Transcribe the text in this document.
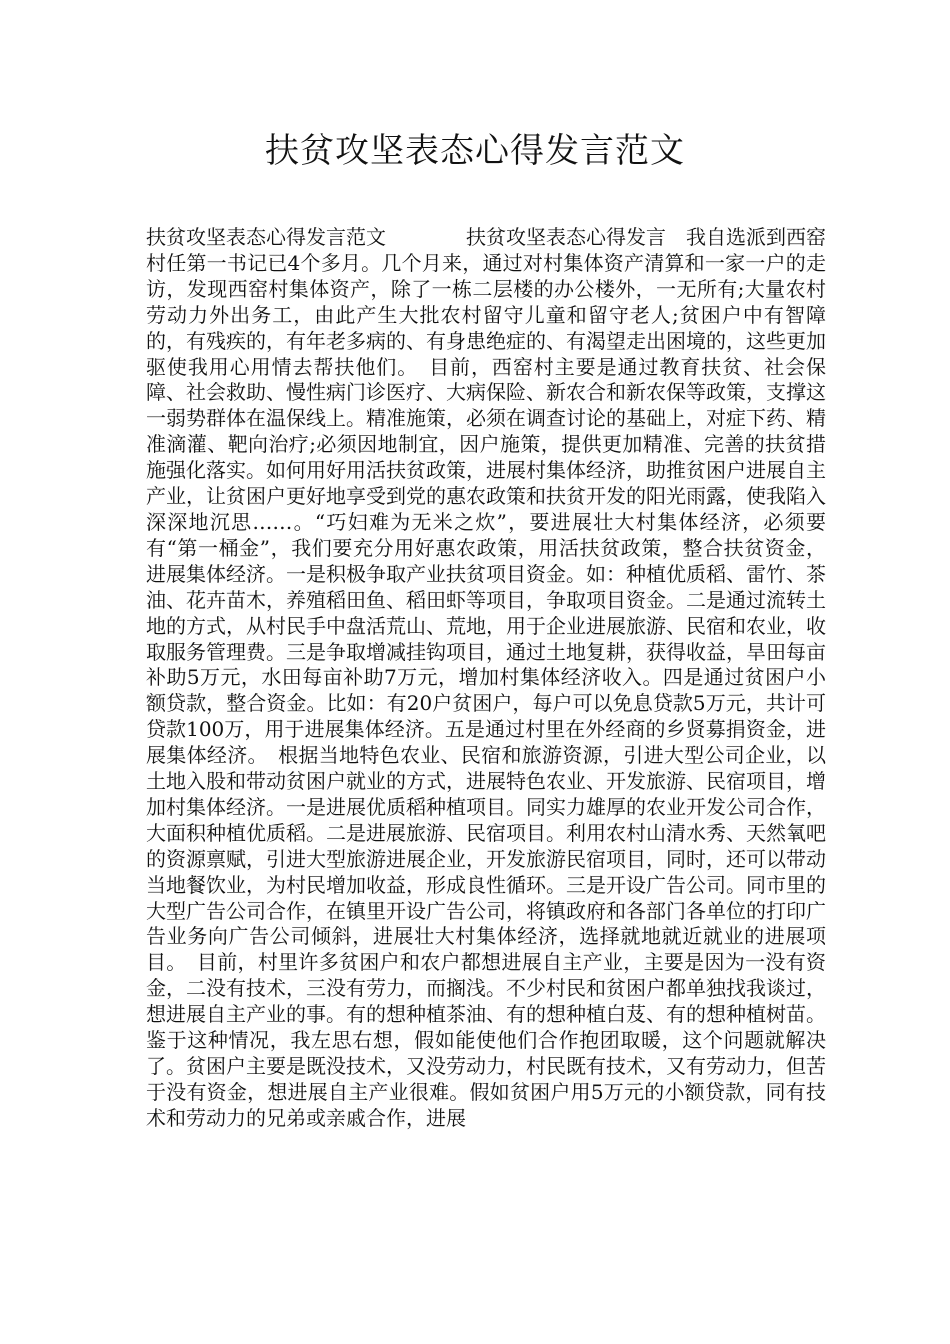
扶贫攻坚表态心得发言范文
扶贫攻坚表态心得发言范文　　　　扶贫攻坚表态心得发言　我自选派到西窑村任第一书记已4个多月。几个月来，通过对村集体资产清算和一家一户的走访，发现西窑村集体资产，除了一栋二层楼的办公楼外，一无所有;大量农村劳动力外出务工，由此产生大批农村留守儿童和留守老人;贫困户中有智障的，有残疾的，有年老多病的、有身患绝症的、有渴望走出困境的，这些更加驱使我用心用情去帮扶他们。　目前，西窑村主要是通过教育扶贫、社会保障、社会救助、慢性病门诊医疗、大病保险、新农合和新农保等政策，支撑这一弱势群体在温保线上。精准施策，必须在调查讨论的基础上，对症下药、精准滴灌、靶向治疗;必须因地制宜，因户施策，提供更加精准、完善的扶贫措施强化落实。如何用好用活扶贫政策，进展村集体经济，助推贫困户进展自主产业，让贫困户更好地享受到党的惠农政策和扶贫开发的阳光雨露，使我陷入深深地沉思……。“巧妇难为无米之炊”，要进展壮大村集体经济，必须要有“第一桶金”，我们要充分用好惠农政策，用活扶贫政策，整合扶贫资金，进展集体经济。一是积极争取产业扶贫项目资金。如：种植优质稻、雷竹、茶油、花卉苗木，养殖稻田鱼、稻田虾等项目，争取项目资金。二是通过流转土地的方式，从村民手中盘活荒山、荒地，用于企业进展旅游、民宿和农业，收取服务管理费。三是争取增减挂钩项目，通过土地复耕，获得收益，旱田每亩补助5万元，水田每亩补助7万元，增加村集体经济收入。四是通过贫困户小额贷款，整合资金。比如：有20户贫困户，每户可以免息贷款5万元，共计可贷款100万，用于进展集体经济。五是通过村里在外经商的乡贤募捐资金，进展集体经济。　根据当地特色农业、民宿和旅游资源，引进大型公司企业，以土地入股和带动贫困户就业的方式，进展特色农业、开发旅游、民宿项目，增加村集体经济。一是进展优质稻种植项目。同实力雄厚的农业开发公司合作，大面积种植优质稻。二是进展旅游、民宿项目。利用农村山清水秀、天然氧吧的资源禀赋，引进大型旅游进展企业，开发旅游民宿项目，同时，还可以带动当地餐饮业，为村民增加收益，形成良性循环。三是开设广告公司。同市里的大型广告公司合作，在镇里开设广告公司，将镇政府和各部门各单位的打印广告业务向广告公司倾斜，进展壮大村集体经济，选择就地就近就业的进展项目。　目前，村里许多贫困户和农户都想进展自主产业，主要是因为一没有资金，二没有技术，三没有劳力，而搁浅。不少村民和贫困户都单独找我谈过，想进展自主产业的事。有的想种植茶油、有的想种植白芨、有的想种植树苗。鉴于这种情况，我左思右想，假如能使他们合作抱团取暖，这个问题就解决了。贫困户主要是既没技术，又没劳动力，村民既有技术，又有劳动力，但苦于没有资金，想进展自主产业很难。假如贫困户用5万元的小额贷款，同有技术和劳动力的兄弟或亲戚合作，进展
